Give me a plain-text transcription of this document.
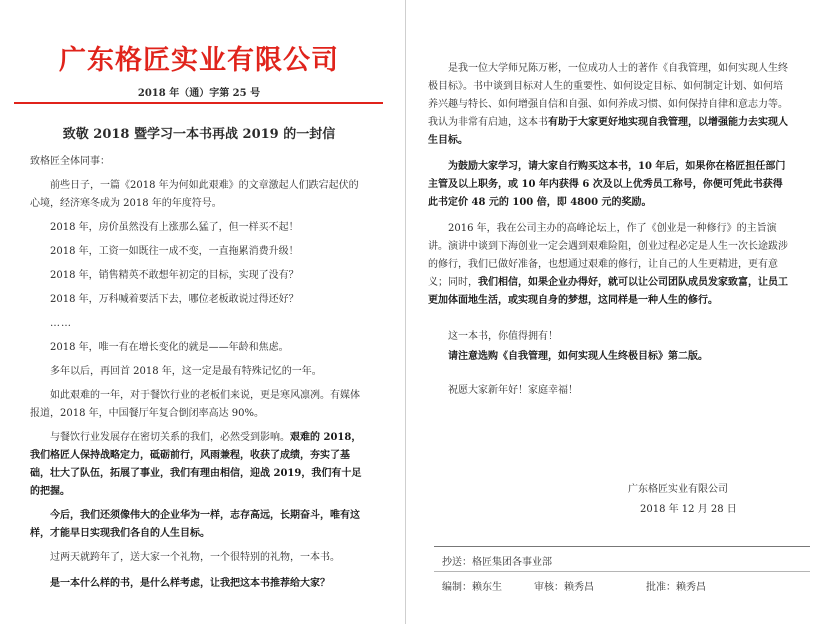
广东格匠实业有限公司

2018 年（通）字第 25 号

致敬 2018 暨学习一本书再战 2019 的一封信

致格匠全体同事：

前些日子，一篇《2018 年为何如此艰难》的文章激起人们跌宕起伏的心境，经济寒冬成为 2018 年的年度符号。

2018 年，房价虽然没有上涨那么猛了，但一样买不起！

2018 年，工资一如既往一成不变，一直拖累消费升级！

2018 年，销售精英不敢想年初定的目标，实现了没有？

2018 年，万科喊着要活下去，哪位老板敢说过得还好？

……

2018 年，唯一有在增长变化的就是——年龄和焦虑。

多年以后，再回首 2018 年，这一定是最有特殊记忆的一年。

如此艰难的一年，对于餐饮行业的老板们来说，更是寒风凛冽。有媒体报道，2018 年，中国餐厅年复合倒闭率高达 90%。

与餐饮行业发展存在密切关系的我们，必然受到影响。艰难的 2018，我们格匠人保持战略定力，砥砺前行，风雨兼程，收获了成绩，夯实了基础，壮大了队伍，拓展了事业，我们有理由相信，迎战 2019，我们有十足的把握。

今后，我们还须像伟大的企业华为一样，志存高远，长期奋斗，唯有这样，才能早日实现我们各自的人生目标。

过两天就跨年了，送大家一个礼物，一个很特别的礼物，一本书。

是一本什么样的书，是什么样考虑，让我把这本书推荐给大家？

是我一位大学师兄陈万彬，一位成功人士的著作《自我管理，如何实现人生终极目标》。书中谈到目标对人生的重要性、如何设定目标、如何制定计划、如何培养兴趣与特长、如何增强自信和自强、如何养成习惯、如何保持自律和意志力等。我认为非常有启迪，这本书有助于大家更好地实现自我管理，以增强能力去实现人生目标。

为鼓励大家学习，请大家自行购买这本书，10 年后，如果你在格匠担任部门主管及以上职务，或 10 年内获得 6 次及以上优秀员工称号，你便可凭此书获得此书定价 48 元的 100 倍，即 4800 元的奖励。

2016 年，我在公司主办的高峰论坛上，作了《创业是一种修行》的主旨演讲。演讲中谈到下海创业一定会遇到艰难险阻，创业过程必定是人生一次长途跋涉的修行，我们已做好准备，也想通过艰难的修行，让自己的人生更精进，更有意义；同时，我们相信，如果企业办得好，就可以让公司团队成员发家致富，让员工更加体面地生活，或实现自身的梦想，这同样是一种人生的修行。

这一本书，你值得拥有！

请注意选购《自我管理，如何实现人生终极目标》第二版。

祝愿大家新年好！家庭幸福！

广东格匠实业有限公司
2018 年 12 月 28 日
抄送：格匠集团各事业部
编制：赖东生	审核：赖秀昌	批准：赖秀昌
